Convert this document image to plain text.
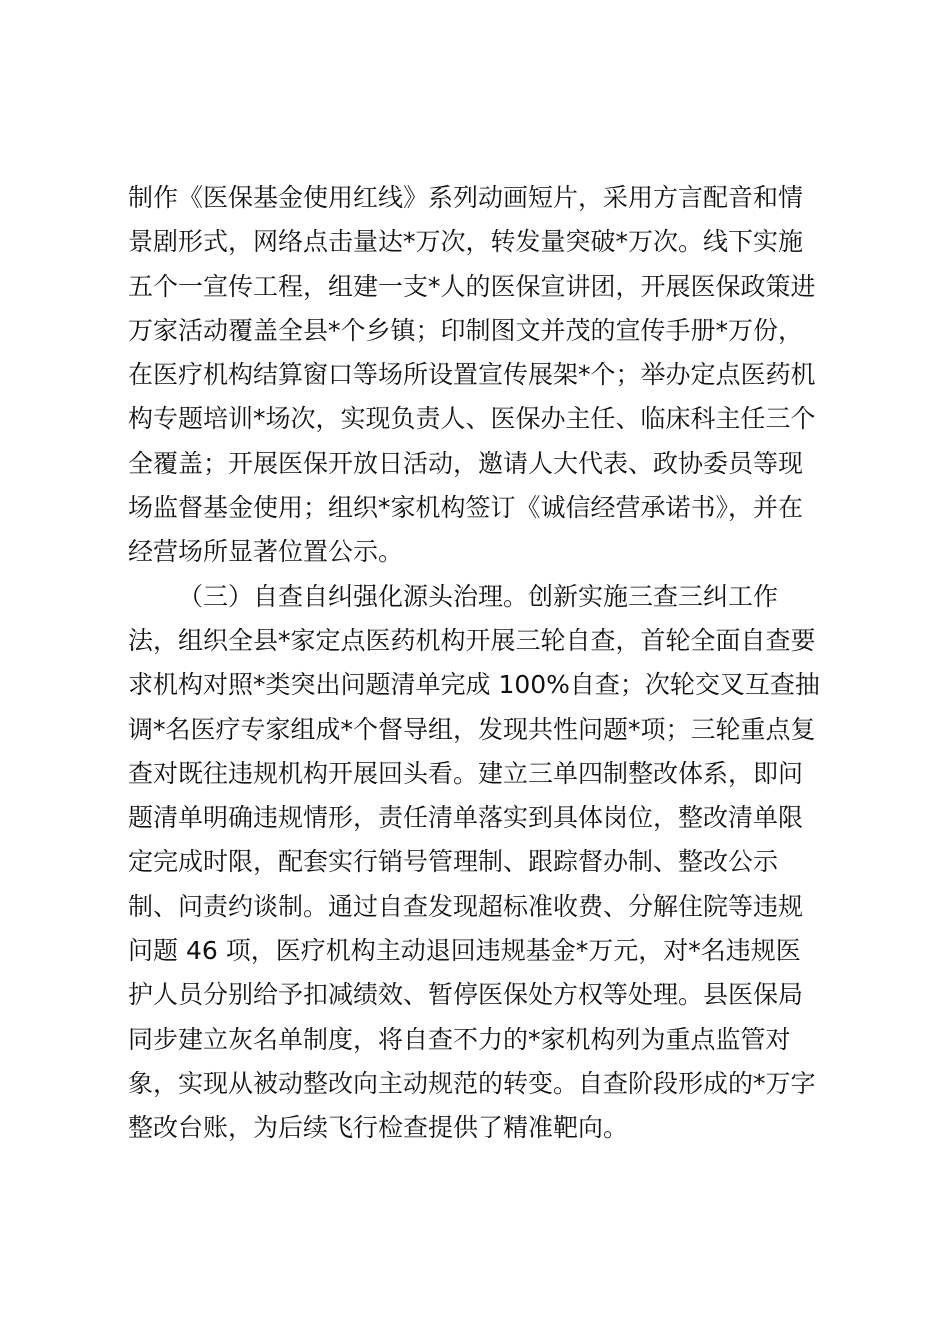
制作《医保基金使用红线》系列动画短片，采用方言配音和情
景剧形式，网络点击量达*万次，转发量突破*万次。线下实施
五个一宣传工程，组建一支*人的医保宣讲团，开展医保政策进
万家活动覆盖全县*个乡镇；印制图文并茂的宣传手册*万份，
在医疗机构结算窗口等场所设置宣传展架*个；举办定点医药机
构专题培训*场次，实现负责人、医保办主任、临床科主任三个
全覆盖；开展医保开放日活动，邀请人大代表、政协委员等现
场监督基金使用；组织*家机构签订《诚信经营承诺书》，并在
经营场所显著位置公示。
（三）自查自纠强化源头治理。创新实施三查三纠工作
法，组织全县*家定点医药机构开展三轮自查，首轮全面自查要
求机构对照*类突出问题清单完成 100%自查；次轮交叉互查抽
调*名医疗专家组成*个督导组，发现共性问题*项；三轮重点复
查对既往违规机构开展回头看。建立三单四制整改体系，即问
题清单明确违规情形，责任清单落实到具体岗位，整改清单限
定完成时限，配套实行销号管理制、跟踪督办制、整改公示
制、问责约谈制。通过自查发现超标准收费、分解住院等违规
问题 46 项，医疗机构主动退回违规基金*万元，对*名违规医
护人员分别给予扣减绩效、暂停医保处方权等处理。县医保局
同步建立灰名单制度，将自查不力的*家机构列为重点监管对
象，实现从被动整改向主动规范的转变。自查阶段形成的*万字
整改台账，为后续飞行检查提供了精准靶向。
